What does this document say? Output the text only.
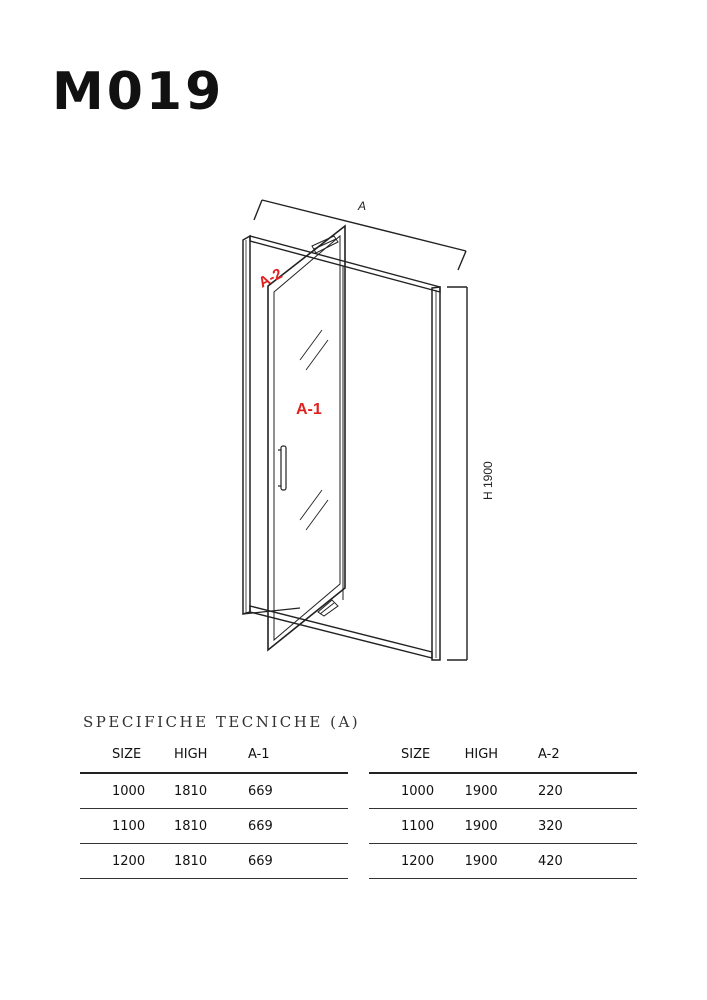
M019
A
H 1900
A-2
A-1
SPECIFICHE TECNICHE (A)
SIZE	HIGH	A-1
1000	1810	669
1100	1810	669
1200	1810	669
SIZE	HIGH	A-2
1000	1900	220
1100	1900	320
1200	1900	420
